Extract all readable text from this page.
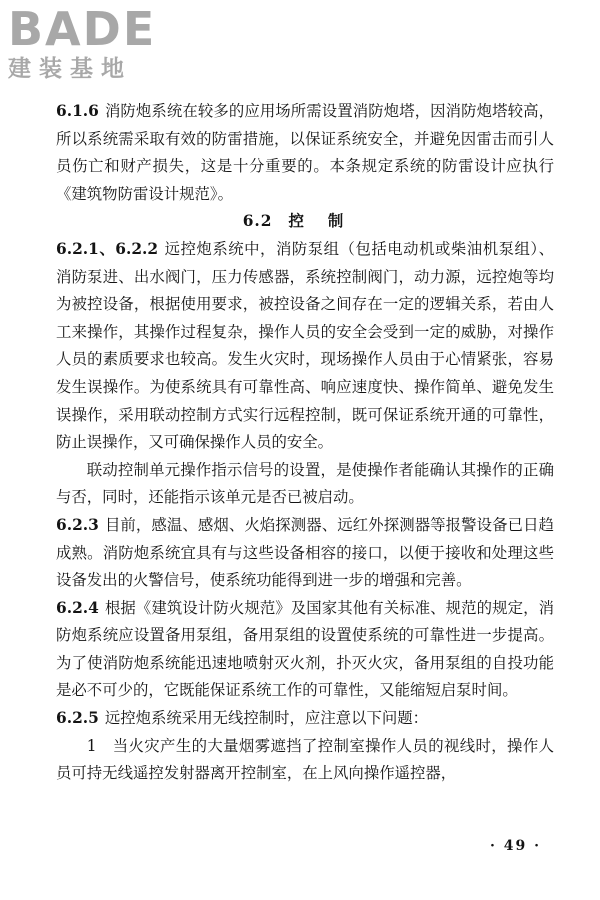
BADE
建装基地

6.1.6 消防炮系统在较多的应用场所需设置消防炮塔，因消防炮塔较高，所以系统需采取有效的防雷措施，以保证系统安全，并避免因雷击而引人员伤亡和财产损失，这是十分重要的。本条规定系统的防雷设计应执行《建筑物防雷设计规范》。

6.2 控制

6.2.1、6.2.2 远控炮系统中，消防泵组（包括电动机或柴油机泵组）、消防泵进、出水阀门，压力传感器，系统控制阀门，动力源，远控炮等均为被控设备，根据使用要求，被控设备之间存在一定的逻辑关系，若由人工来操作，其操作过程复杂，操作人员的安全会受到一定的威胁，对操作人员的素质要求也较高。发生火灾时，现场操作人员由于心情紧张，容易发生误操作。为使系统具有可靠性高、响应速度快、操作简单、避免发生误操作，采用联动控制方式实行远程控制，既可保证系统开通的可靠性，防止误操作，又可确保操作人员的安全。

联动控制单元操作指示信号的设置，是使操作者能确认其操作的正确与否，同时，还能指示该单元是否已被启动。

6.2.3 目前，感温、感烟、火焰探测器、远红外探测器等报警设备已日趋成熟。消防炮系统宜具有与这些设备相容的接口，以便于接收和处理这些设备发出的火警信号，使系统功能得到进一步的增强和完善。

6.2.4 根据《建筑设计防火规范》及国家其他有关标准、规范的规定，消防炮系统应设置备用泵组，备用泵组的设置使系统的可靠性进一步提高。为了使消防炮系统能迅速地喷射灭火剂，扑灭火灾，备用泵组的自投功能是必不可少的，它既能保证系统工作的可靠性，又能缩短启泵时间。

6.2.5 远控炮系统采用无线控制时，应注意以下问题：

1　当火灾产生的大量烟雾遮挡了控制室操作人员的视线时，操作人员可持无线遥控发射器离开控制室，在上风向操作遥控器，

· 49 ·
